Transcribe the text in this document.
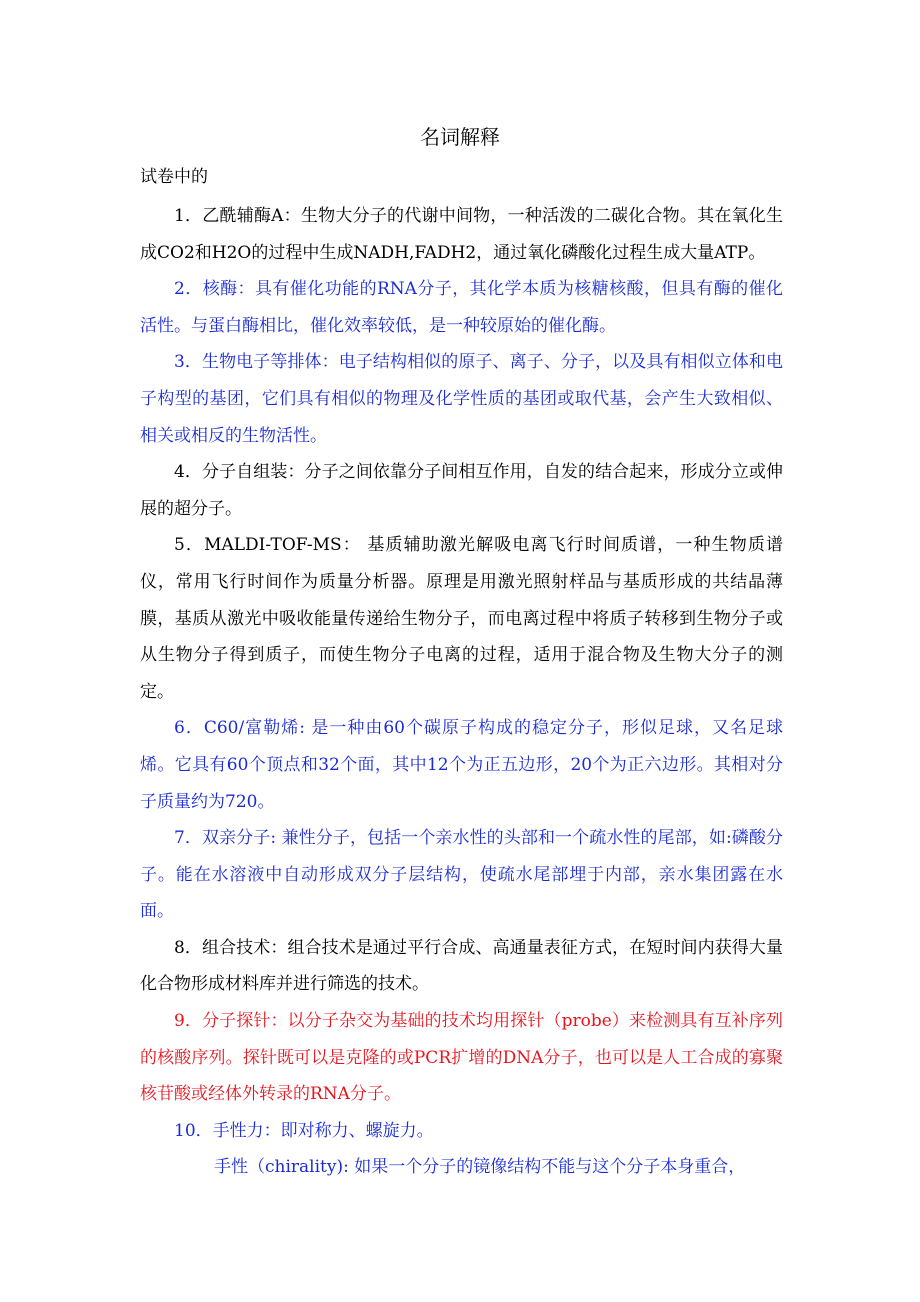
名词解释
试卷中的

1．乙酰辅酶A：生物大分子的代谢中间物，一种活泼的二碳化合物。其在氧化生成CO2和H2O的过程中生成NADH,FADH2，通过氧化磷酸化过程生成大量ATP。

2．核酶：具有催化功能的RNA分子，其化学本质为核糖核酸，但具有酶的催化活性。与蛋白酶相比，催化效率较低，是一种较原始的催化酶。

3．生物电子等排体：电子结构相似的原子、离子、分子，以及具有相似立体和电子构型的基团，它们具有相似的物理及化学性质的基团或取代基，会产生大致相似、相关或相反的生物活性。

4．分子自组装：分子之间依靠分子间相互作用，自发的结合起来，形成分立或伸展的超分子。

5．MALDI-TOF-MS： 基质辅助激光解吸电离飞行时间质谱，一种生物质谱仪，常用飞行时间作为质量分析器。原理是用激光照射样品与基质形成的共结晶薄膜，基质从激光中吸收能量传递给生物分子，而电离过程中将质子转移到生物分子或从生物分子得到质子，而使生物分子电离的过程，适用于混合物及生物大分子的测定。

6．C60/富勒烯: 是一种由60个碳原子构成的稳定分子，形似足球，又名足球烯。它具有60个顶点和32个面，其中12个为正五边形，20个为正六边形。其相对分子质量约为720。

7．双亲分子: 兼性分子，包括一个亲水性的头部和一个疏水性的尾部，如:磷酸分子。能在水溶液中自动形成双分子层结构，使疏水尾部埋于内部，亲水集团露在水面。

8．组合技术：组合技术是通过平行合成、高通量表征方式，在短时间内获得大量化合物形成材料库并进行筛选的技术。

9．分子探针：以分子杂交为基础的技术均用探针（probe）来检测具有互补序列的核酸序列。探针既可以是克隆的或PCR扩增的DNA分子，也可以是人工合成的寡聚核苷酸或经体外转录的RNA分子。

10．手性力：即对称力、螺旋力。

手性（chirality): 如果一个分子的镜像结构不能与这个分子本身重合，
